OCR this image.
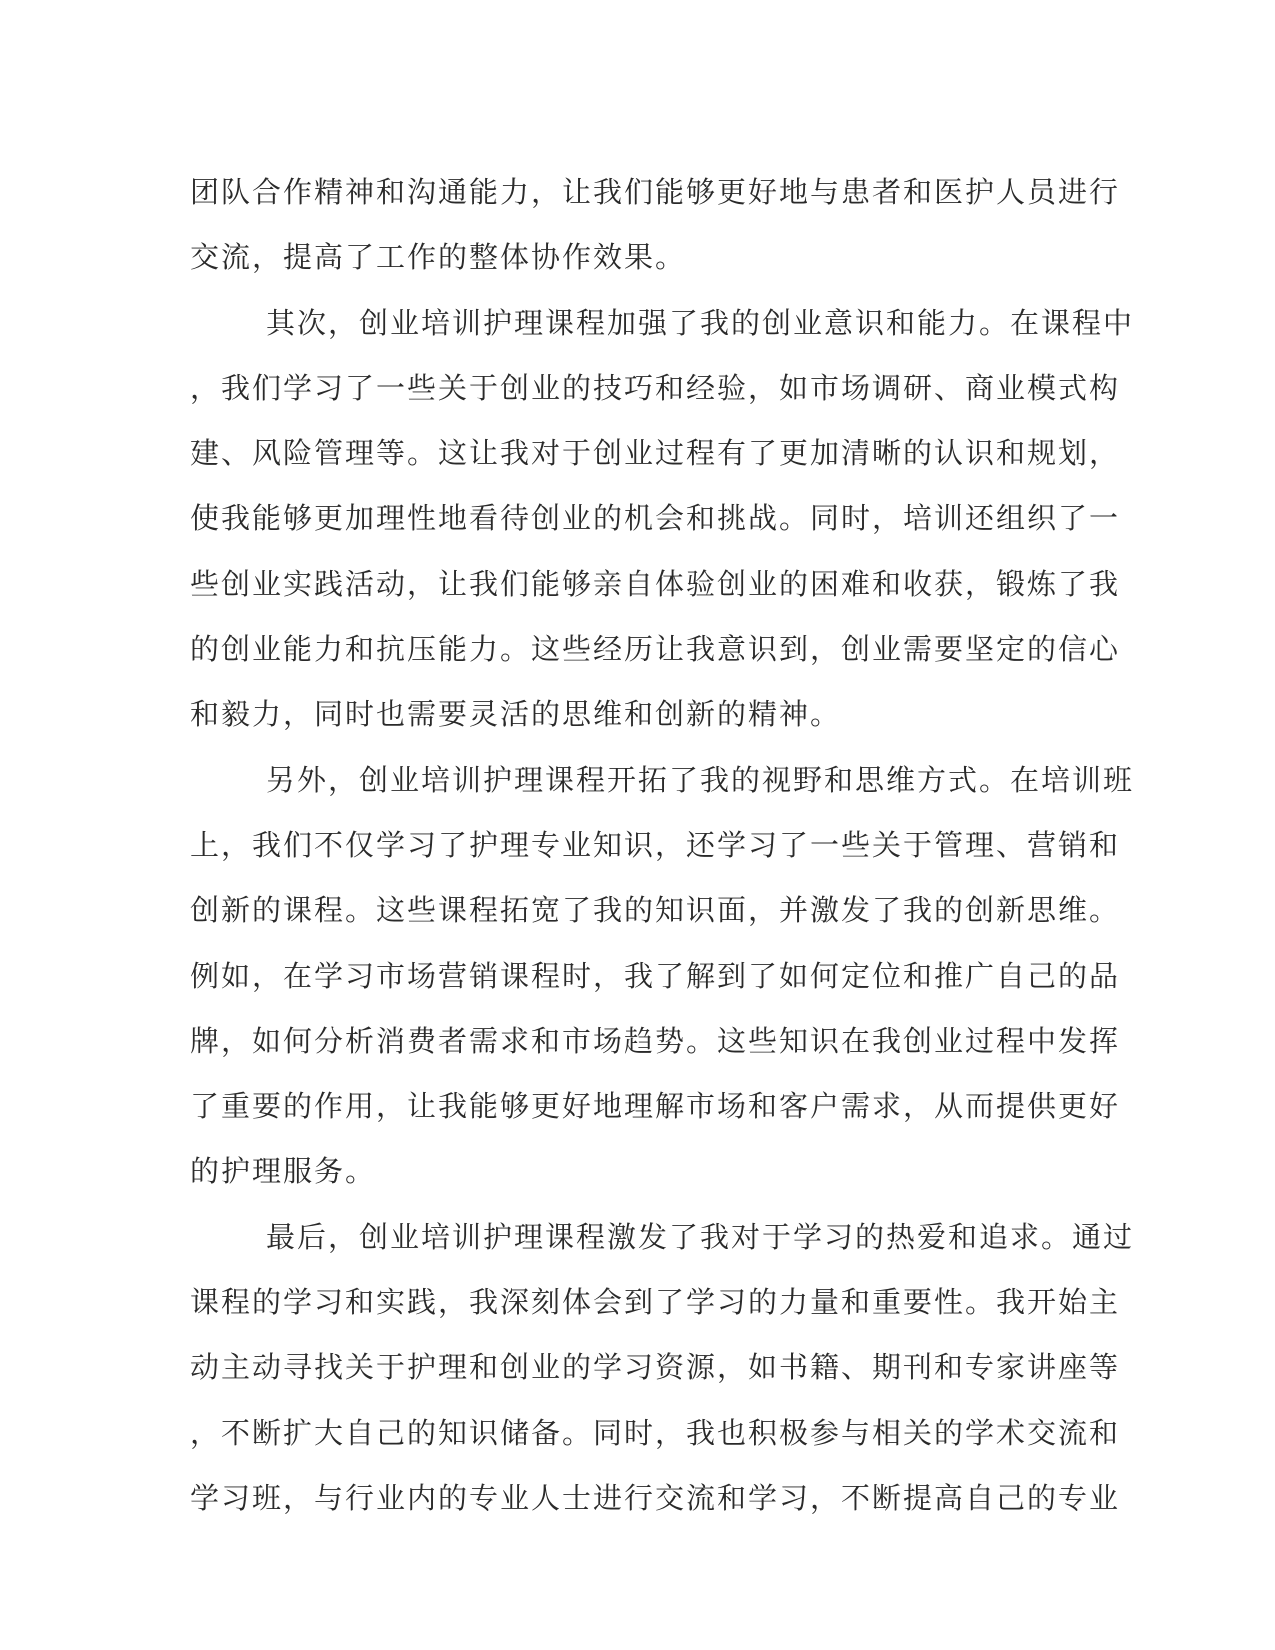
团队合作精神和沟通能力，让我们能够更好地与患者和医护人员进行
交流，提高了工作的整体协作效果。
其次，创业培训护理课程加强了我的创业意识和能力。在课程中
，我们学习了一些关于创业的技巧和经验，如市场调研、商业模式构
建、风险管理等。这让我对于创业过程有了更加清晰的认识和规划，
使我能够更加理性地看待创业的机会和挑战。同时，培训还组织了一
些创业实践活动，让我们能够亲自体验创业的困难和收获，锻炼了我
的创业能力和抗压能力。这些经历让我意识到，创业需要坚定的信心
和毅力，同时也需要灵活的思维和创新的精神。
另外，创业培训护理课程开拓了我的视野和思维方式。在培训班
上，我们不仅学习了护理专业知识，还学习了一些关于管理、营销和
创新的课程。这些课程拓宽了我的知识面，并激发了我的创新思维。
例如，在学习市场营销课程时，我了解到了如何定位和推广自己的品
牌，如何分析消费者需求和市场趋势。这些知识在我创业过程中发挥
了重要的作用，让我能够更好地理解市场和客户需求，从而提供更好
的护理服务。
最后，创业培训护理课程激发了我对于学习的热爱和追求。通过
课程的学习和实践，我深刻体会到了学习的力量和重要性。我开始主
动主动寻找关于护理和创业的学习资源，如书籍、期刊和专家讲座等
，不断扩大自己的知识储备。同时，我也积极参与相关的学术交流和
学习班，与行业内的专业人士进行交流和学习，不断提高自己的专业
